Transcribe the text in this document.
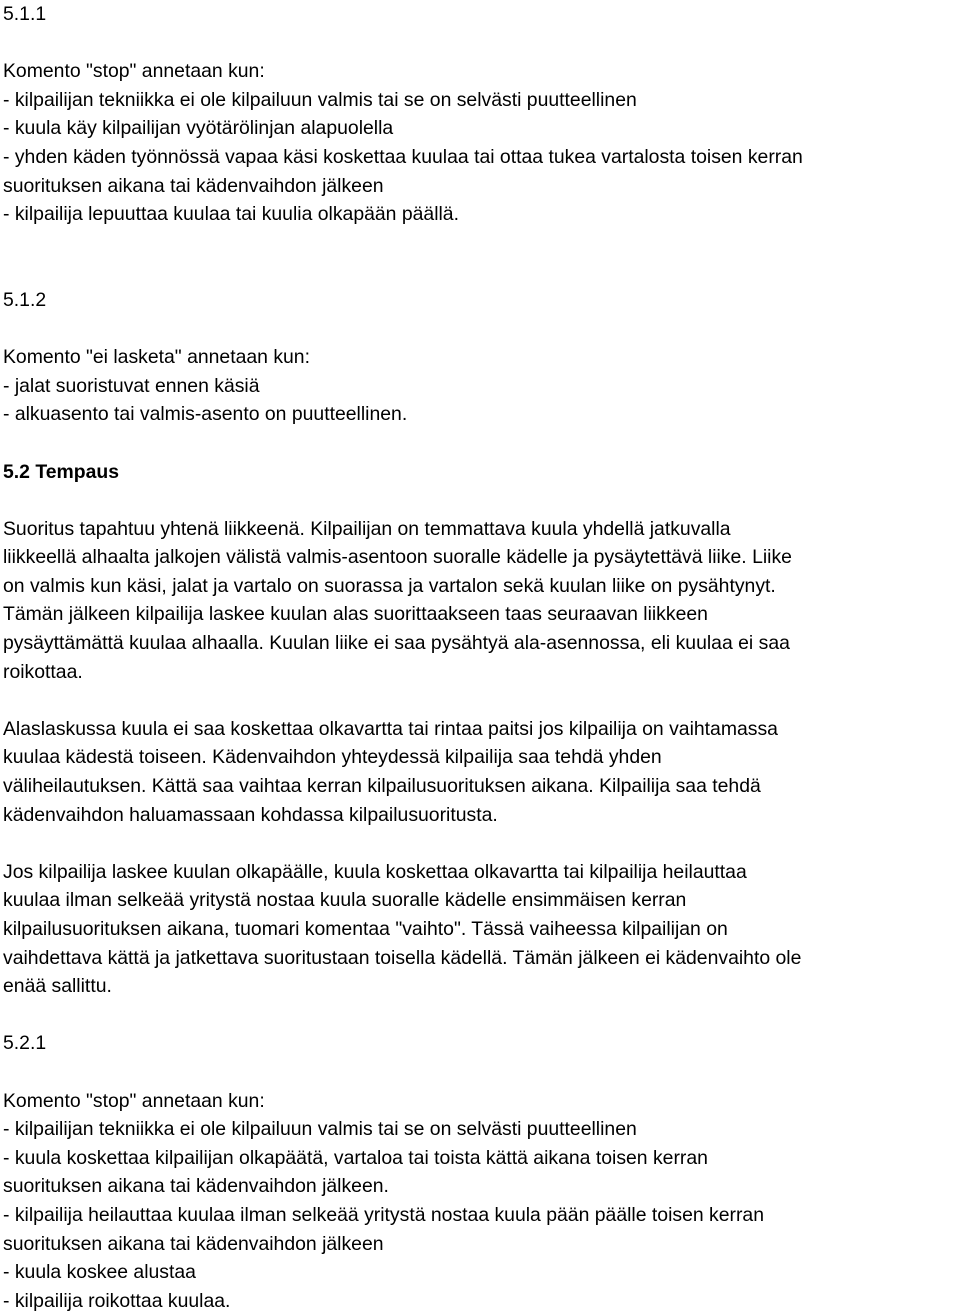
5.1.1
Komento "stop" annetaan kun:
- kilpailijan tekniikka ei ole kilpailuun valmis tai se on selvästi puutteellinen
- kuula käy kilpailijan vyötärölinjan alapuolella
- yhden käden työnnössä vapaa käsi koskettaa kuulaa tai ottaa tukea vartalosta toisen kerran
suorituksen aikana tai kädenvaihdon jälkeen
- kilpailija lepuuttaa kuulaa tai kuulia olkapään päällä.
5.1.2
Komento "ei lasketa" annetaan kun:
- jalat suoristuvat ennen käsiä
- alkuasento tai valmis-asento on puutteellinen.
5.2 Tempaus
Suoritus tapahtuu yhtenä liikkeenä. Kilpailijan on temmattava kuula yhdellä jatkuvalla
liikkeellä alhaalta jalkojen välistä valmis-asentoon suoralle kädelle ja pysäytettävä liike. Liike
on valmis kun käsi, jalat ja vartalo on suorassa ja vartalon sekä kuulan liike on pysähtynyt.
Tämän jälkeen kilpailija laskee kuulan alas suorittaakseen taas seuraavan liikkeen
pysäyttämättä kuulaa alhaalla. Kuulan liike ei saa pysähtyä ala-asennossa, eli kuulaa ei saa
roikottaa.
Alaslaskussa kuula ei saa koskettaa olkavartta tai rintaa paitsi jos kilpailija on vaihtamassa
kuulaa kädestä toiseen. Kädenvaihdon yhteydessä kilpailija saa tehdä yhden
väliheilautuksen. Kättä saa vaihtaa kerran kilpailusuorituksen aikana. Kilpailija saa tehdä
kädenvaihdon haluamassaan kohdassa kilpailusuoritusta.
Jos kilpailija laskee kuulan olkapäälle, kuula koskettaa olkavartta tai kilpailija heilauttaa
kuulaa ilman selkeää yritystä nostaa kuula suoralle kädelle ensimmäisen kerran
kilpailusuorituksen aikana, tuomari komentaa "vaihto". Tässä vaiheessa kilpailijan on
vaihdettava kättä ja jatkettava suoritustaan toisella kädellä. Tämän jälkeen ei kädenvaihto ole
enää sallittu.
5.2.1
Komento "stop" annetaan kun:
- kilpailijan tekniikka ei ole kilpailuun valmis tai se on selvästi puutteellinen
- kuula koskettaa kilpailijan olkapäätä, vartaloa tai toista kättä aikana toisen kerran
suorituksen aikana tai kädenvaihdon jälkeen.
- kilpailija heilauttaa kuulaa ilman selkeää yritystä nostaa kuula pään päälle toisen kerran
suorituksen aikana tai kädenvaihdon jälkeen
- kuula koskee alustaa
- kilpailija roikottaa kuulaa.
